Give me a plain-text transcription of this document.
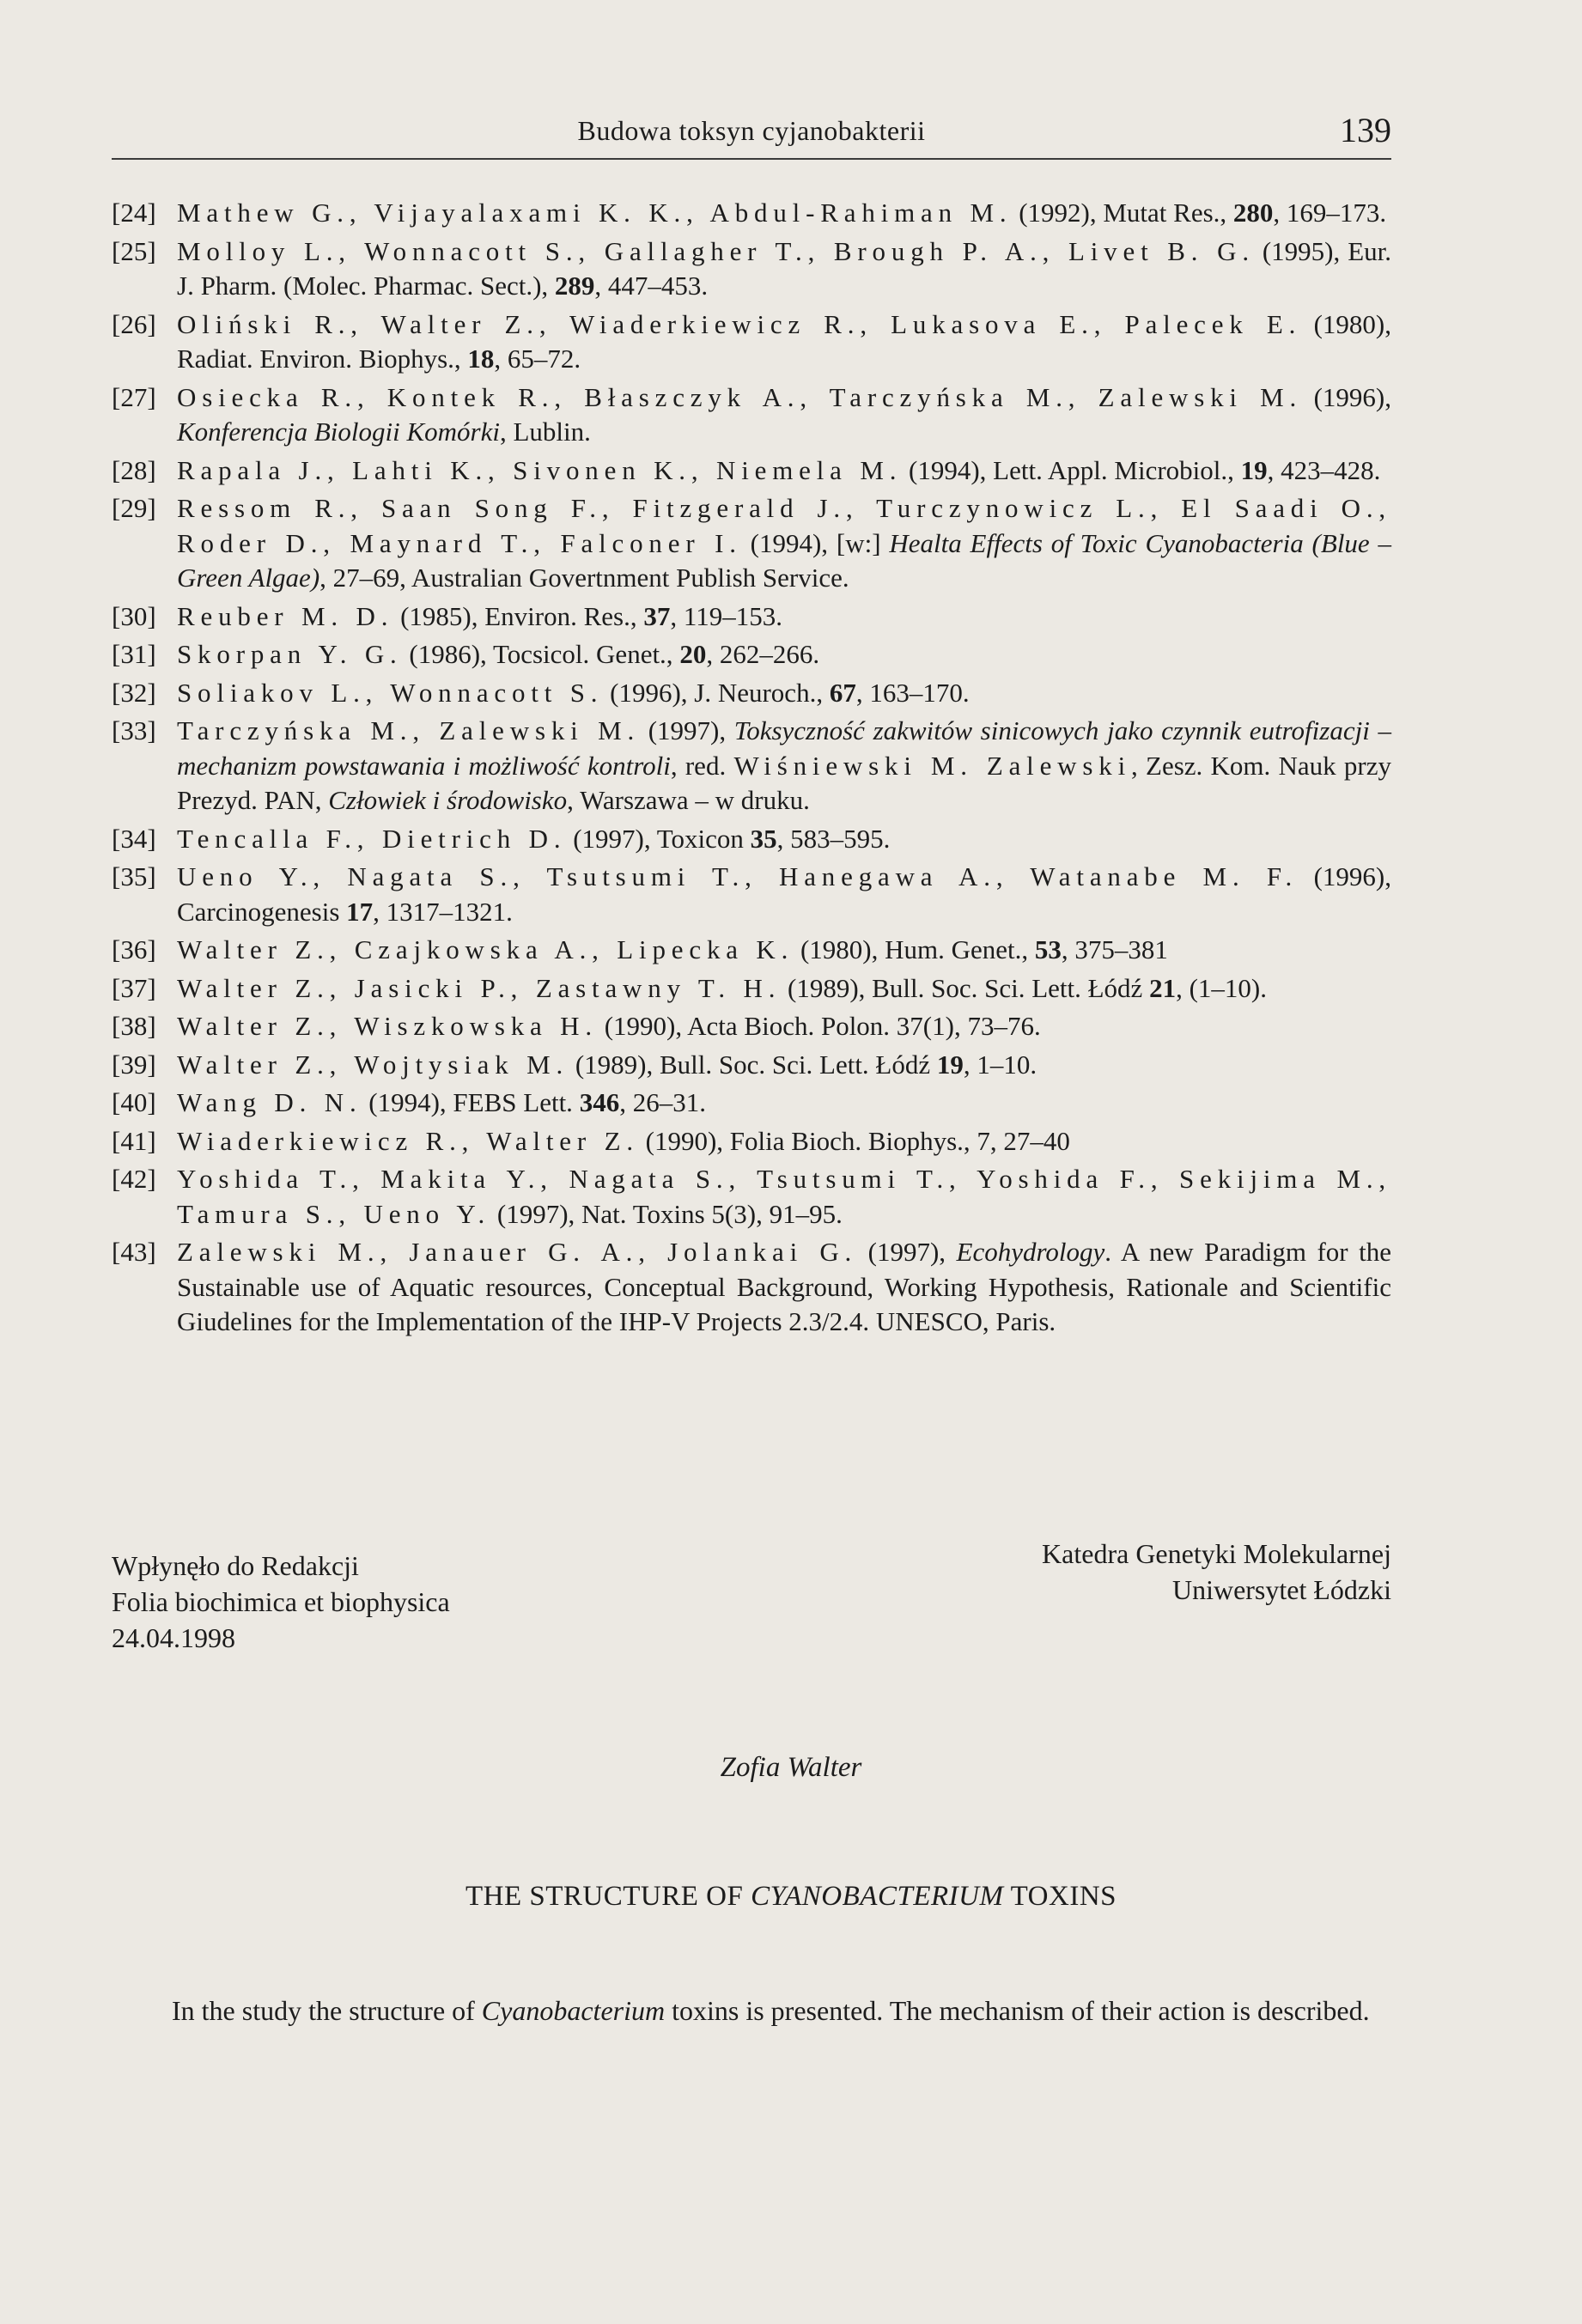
Budowa toksyn cyjanobakterii	139
[24] Mathew G., Vijayalaxami K. K., Abdul-Rahiman M. (1992), Mutat Res., 280, 169–173.
[25] Molloy L., Wonnacott S., Gallagher T., Brough P. A., Livet B. G. (1995), Eur. J. Pharm. (Molec. Pharmac. Sect.), 289, 447–453.
[26] Oliński R., Walter Z., Wiaderkiewicz R., Lukasova E., Palecek E. (1980), Radiat. Environ. Biophys., 18, 65–72.
[27] Osiecka R., Kontek R., Błaszczyk A., Tarczyńska M., Zalewski M. (1996), Konferencja Biologii Komórki, Lublin.
[28] Rapala J., Lahti K., Sivonen K., Niemela M. (1994), Lett. Appl. Microbiol., 19, 423–428.
[29] Ressom R., Saan Song F., Fitzgerald J., Turczynowicz L., El Saadi O., Roder D., Maynard T., Falconer I. (1994), [w:] Healta Effects of Toxic Cyanobacteria (Blue – Green Algae), 27–69, Australian Govertnment Publish Service.
[30] Reuber M. D. (1985), Environ. Res., 37, 119–153.
[31] Skorpan Y. G. (1986), Tocsicol. Genet., 20, 262–266.
[32] Soliakov L., Wonnacott S. (1996), J. Neuroch., 67, 163–170.
[33] Tarczyńska M., Zalewski M. (1997), Toksyczność zakwitów sinicowych jako czynnik eutrofizacji – mechanizm powstawania i możliwość kontroli, red. Wiśniewski M. Zalewski, Zesz. Kom. Nauk przy Prezyd. PAN, Człowiek i środowisko, Warszawa – w druku.
[34] Tencalla F., Dietrich D. (1997), Toxicon 35, 583–595.
[35] Ueno Y., Nagata S., Tsutsumi T., Hanegawa A., Watanabe M. F. (1996), Carcinogenesis 17, 1317–1321.
[36] Walter Z., Czajkowska A., Lipecka K. (1980), Hum. Genet., 53, 375–381
[37] Walter Z., Jasicki P., Zastawny T. H. (1989), Bull. Soc. Sci. Lett. Łódź 21, (1–10).
[38] Walter Z., Wiszkowska H. (1990), Acta Bioch. Polon. 37(1), 73–76.
[39] Walter Z., Wojtysiak M. (1989), Bull. Soc. Sci. Lett. Łódź 19, 1–10.
[40] Wang D. N. (1994), FEBS Lett. 346, 26–31.
[41] Wiaderkiewicz R., Walter Z. (1990), Folia Bioch. Biophys., 7, 27–40
[42] Yoshida T., Makita Y., Nagata S., Tsutsumi T., Yoshida F., Sekijima M., Tamura S., Ueno Y. (1997), Nat. Toxins 5(3), 91–95.
[43] Zalewski M., Janauer G. A., Jolankai G. (1997), Ecohydrology. A new Paradigm for the Sustainable use of Aquatic resources, Conceptual Background, Working Hypothesis, Rationale and Scientific Giudelines for the Implementation of the IHP-V Projects 2.3/2.4. UNESCO, Paris.
Wpłynęło do Redakcji
Folia biochimica et biophysica
24.04.1998
Katedra Genetyki Molekularnej
Uniwersytet Łódzki
Zofia Walter
THE STRUCTURE OF CYANOBACTERIUM TOXINS
In the study the structure of Cyanobacterium toxins is presented. The mechanism of their action is described.
